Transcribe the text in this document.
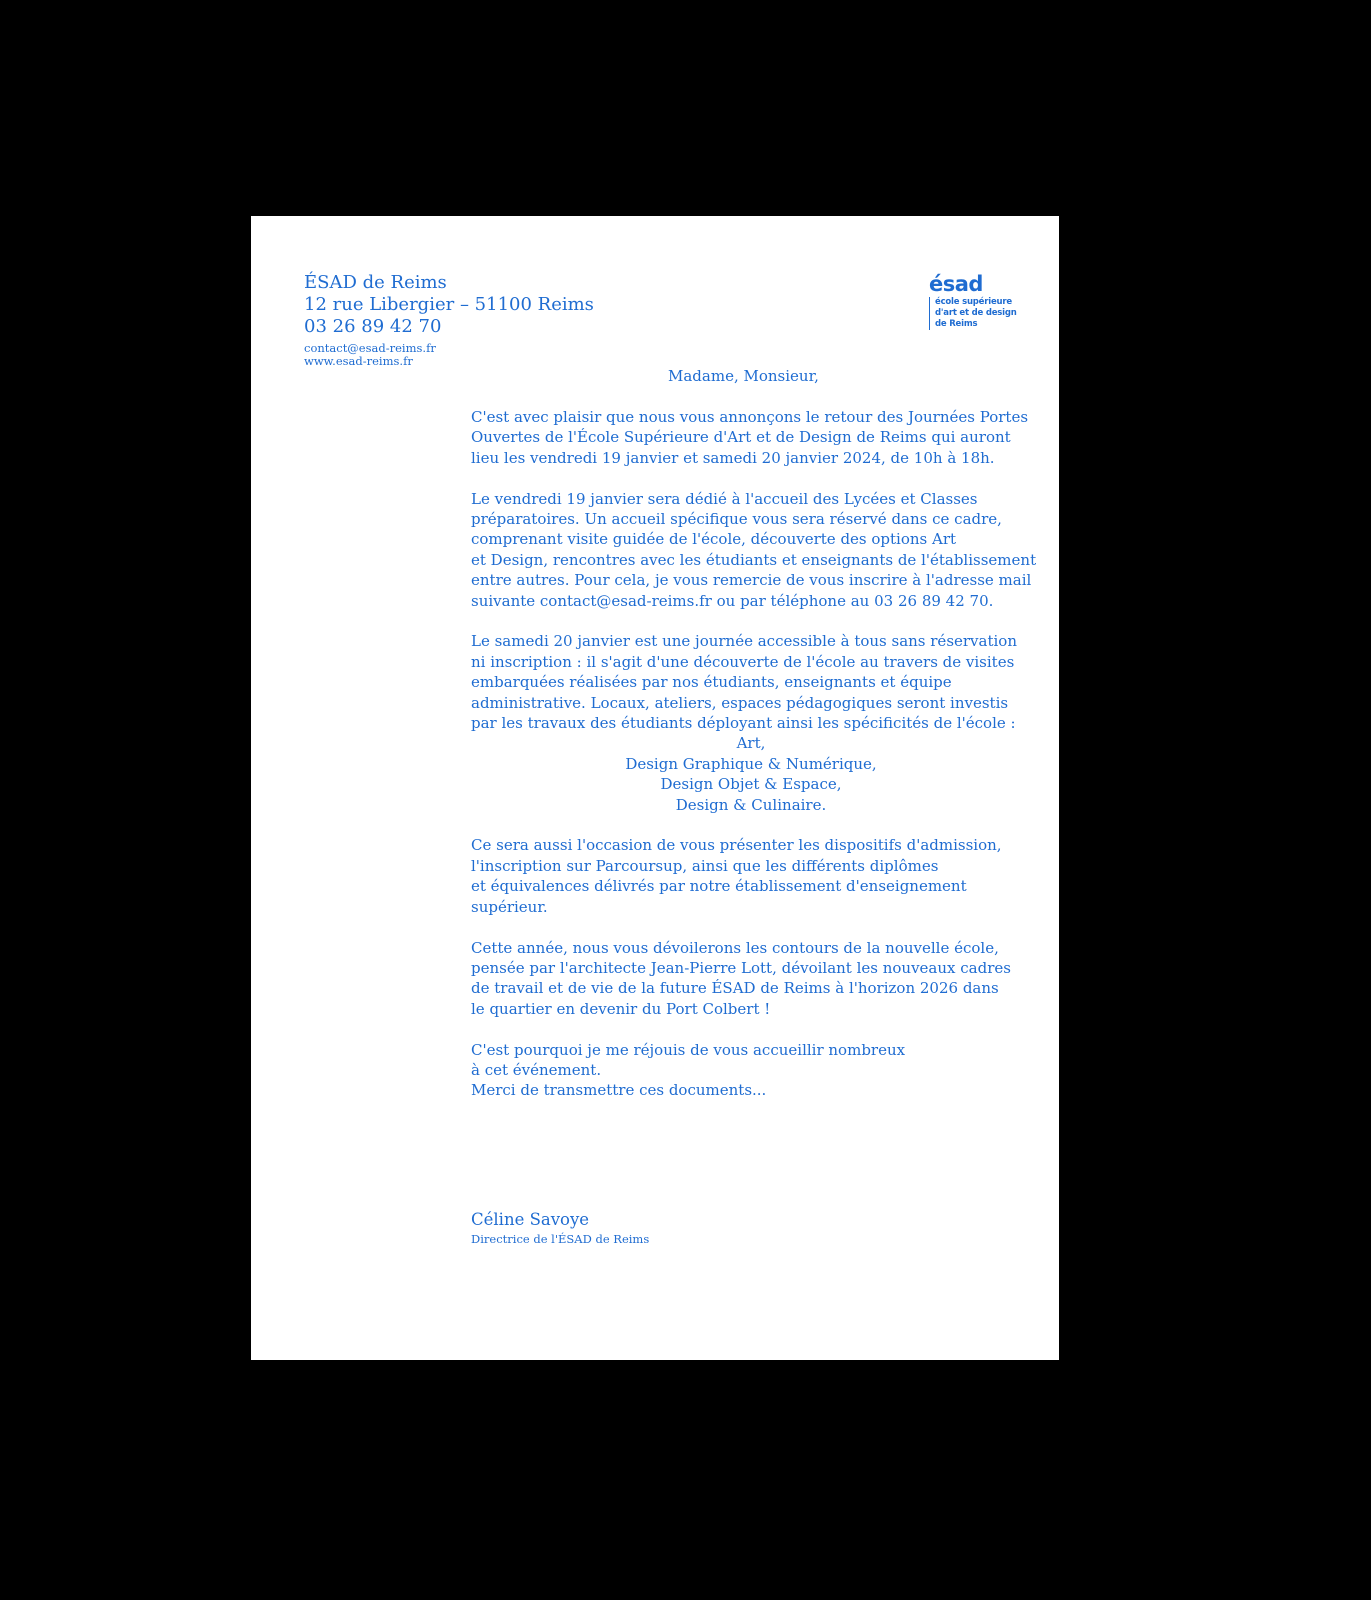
ÉSAD de Reims
12 rue Libergier – 51100 Reims
03 26 89 42 70
contact@esad-reims.fr
www.esad-reims.fr
ésad
école supérieure
d'art et de design
de Reims
Madame, Monsieur,
C'est avec plaisir que nous vous annonçons le retour des Journées Portes
Ouvertes de l'École Supérieure d'Art et de Design de Reims qui auront
lieu les vendredi 19 janvier et samedi 20 janvier 2024, de 10h à 18h.
Le vendredi 19 janvier sera dédié à l'accueil des Lycées et Classes
préparatoires. Un accueil spécifique vous sera réservé dans ce cadre,
comprenant visite guidée de l'école, découverte des options Art
et Design, rencontres avec les étudiants et enseignants de l'établissement
entre autres. Pour cela, je vous remercie de vous inscrire à l'adresse mail
suivante contact@esad-reims.fr ou par téléphone au 03 26 89 42 70.
Le samedi 20 janvier est une journée accessible à tous sans réservation
ni inscription : il s'agit d'une découverte de l'école au travers de visites
embarquées réalisées par nos étudiants, enseignants et équipe
administrative. Locaux, ateliers, espaces pédagogiques seront investis
par les travaux des étudiants déployant ainsi les spécificités de l'école :
Art,
Design Graphique & Numérique,
Design Objet & Espace,
Design & Culinaire.
Ce sera aussi l'occasion de vous présenter les dispositifs d'admission,
l'inscription sur Parcoursup, ainsi que les différents diplômes
et équivalences délivrés par notre établissement d'enseignement
supérieur.
Cette année, nous vous dévoilerons les contours de la nouvelle école,
pensée par l'architecte Jean-Pierre Lott, dévoilant les nouveaux cadres
de travail et de vie de la future ÉSAD de Reims à l'horizon 2026 dans
le quartier en devenir du Port Colbert !
C'est pourquoi je me réjouis de vous accueillir nombreux
à cet événement.
Merci de transmettre ces documents...
Céline Savoye
Directrice de l'ÉSAD de Reims
